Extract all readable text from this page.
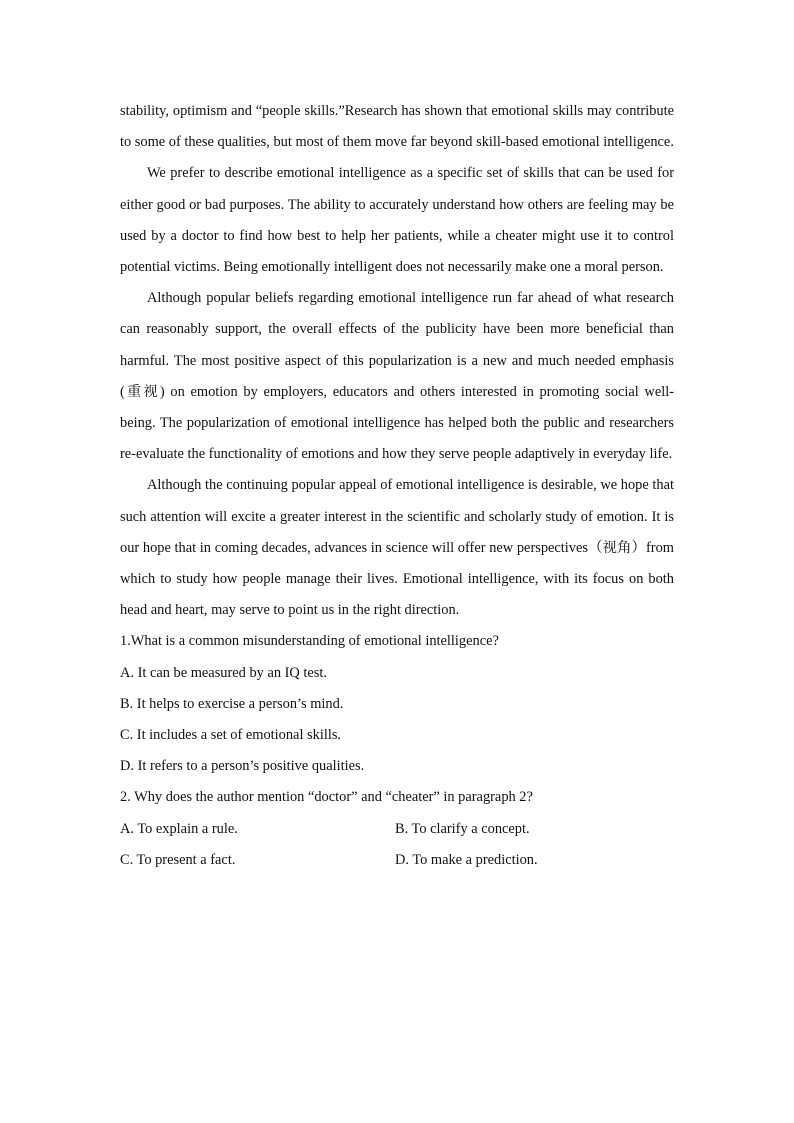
stability, optimism and “people skills.”Research has shown that emotional skills may contribute to some of these qualities, but most of them move far beyond skill-based emotional intelligence.

We prefer to describe emotional intelligence as a specific set of skills that can be used for either good or bad purposes. The ability to accurately understand how others are feeling may be used by a doctor to find how best to help her patients, while a cheater might use it to control potential victims. Being emotionally intelligent does not necessarily make one a moral person.

Although popular beliefs regarding emotional intelligence run far ahead of what research can reasonably support, the overall effects of the publicity have been more beneficial than harmful. The most positive aspect of this popularization is a new and much needed emphasis (重视) on emotion by employers, educators and others interested in promoting social well-being. The popularization of emotional intelligence has helped both the public and researchers re-evaluate the functionality of emotions and how they serve people adaptively in everyday life.

Although the continuing popular appeal of emotional intelligence is desirable, we hope that such attention will excite a greater interest in the scientific and scholarly study of emotion. It is our hope that in coming decades, advances in science will offer new perspectives（视角）from which to study how people manage their lives. Emotional intelligence, with its focus on both head and heart, may serve to point us in the right direction.

1.What is a common misunderstanding of emotional intelligence?

A. It can be measured by an IQ test.

B. It helps to exercise a person’s mind.

C. It includes a set of emotional skills.

D. It refers to a person’s positive qualities.

2. Why does the author mention “doctor” and “cheater” in paragraph 2?

A. To explain a rule.	B. To clarify a concept.
C. To present a fact.	D. To make a prediction.
